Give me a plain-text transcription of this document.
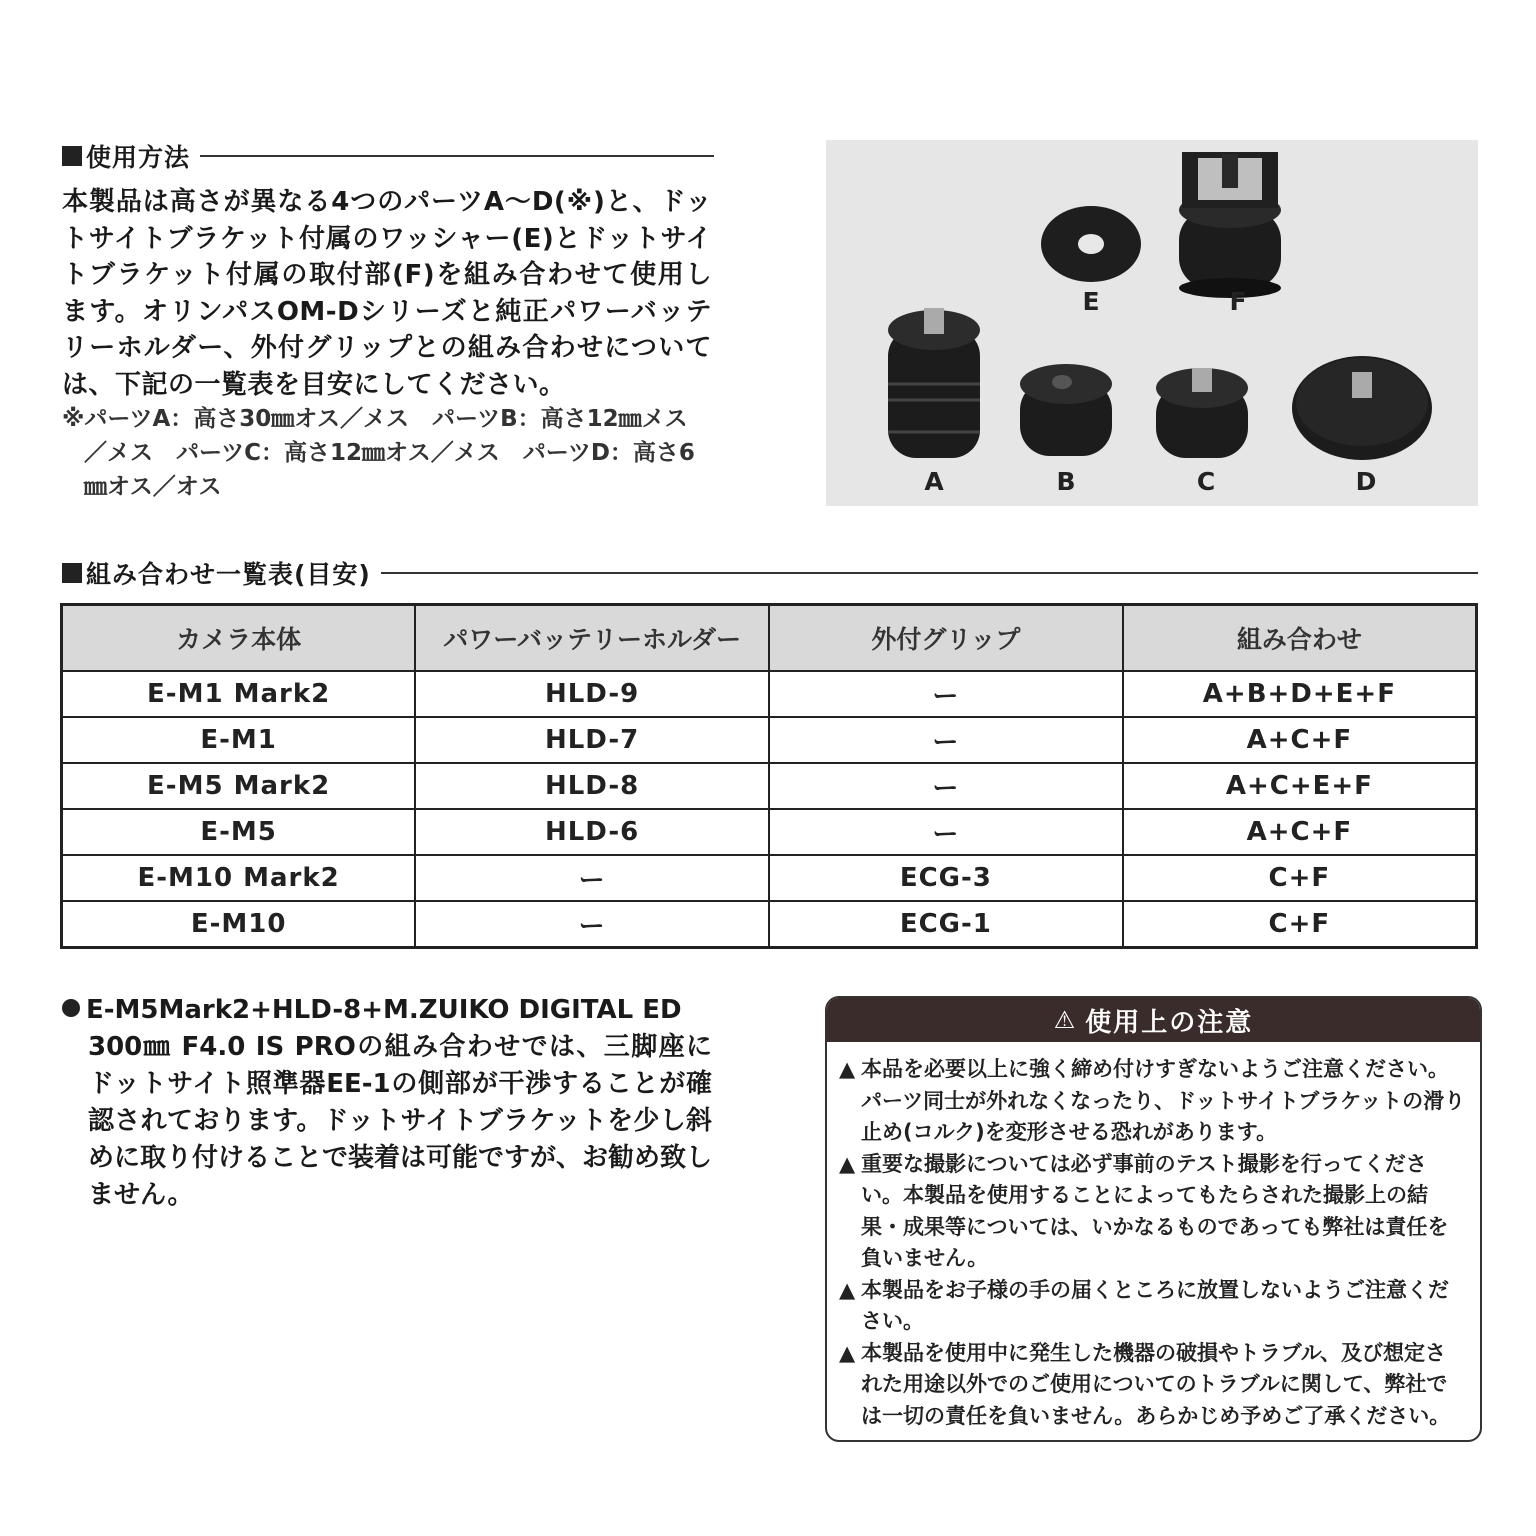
使用方法
本製品は高さが異なる4つのパーツA〜D(※)と、ドットサイトブラケット付属のワッシャー(E)とドットサイトブラケット付属の取付部(F)を組み合わせて使用します。オリンパスOM-Dシリーズと純正パワーバッテリーホルダー、外付グリップとの組み合わせについては、下記の一覧表を目安にしてください。
※パーツA：高さ30㎜オス／メス　パーツB：高さ12㎜メス
／メス　パーツC：高さ12㎜オス／メス　パーツD：高さ6
㎜オス／オス
E	F
A	B	C	D
組み合わせ一覧表(目安)
カメラ本体	パワーバッテリーホルダー	外付グリップ	組み合わせ
E-M1 Mark2	HLD-9	ー	A+B+D+E+F
E-M1	HLD-7	ー	A+C+F
E-M5 Mark2	HLD-8	ー	A+C+E+F
E-M5	HLD-6	ー	A+C+F
E-M10 Mark2	ー	ECG-3	C+F
E-M10	ー	ECG-1	C+F
E-M5Mark2+HLD-8+M.ZUIKO DIGITAL ED
300㎜ F4.0 IS PROの組み合わせでは、三脚座にドットサイト照準器EE-1の側部が干渉することが確認されております。ドットサイトブラケットを少し斜めに取り付けることで装着は可能ですが、お勧め致しません。
⚠ 使用上の注意
▲ 本品を必要以上に強く締め付けすぎないようご注意ください。パーツ同士が外れなくなったり、ドットサイトブラケットの滑り止め(コルク)を変形させる恐れがあります。
▲ 重要な撮影については必ず事前のテスト撮影を行ってください。本製品を使用することによってもたらされた撮影上の結果・成果等については、いかなるものであっても弊社は責任を負いません。
▲ 本製品をお子様の手の届くところに放置しないようご注意ください。
▲ 本製品を使用中に発生した機器の破損やトラブル、及び想定された用途以外でのご使用についてのトラブルに関して、弊社では一切の責任を負いません。あらかじめ予めご了承ください。
